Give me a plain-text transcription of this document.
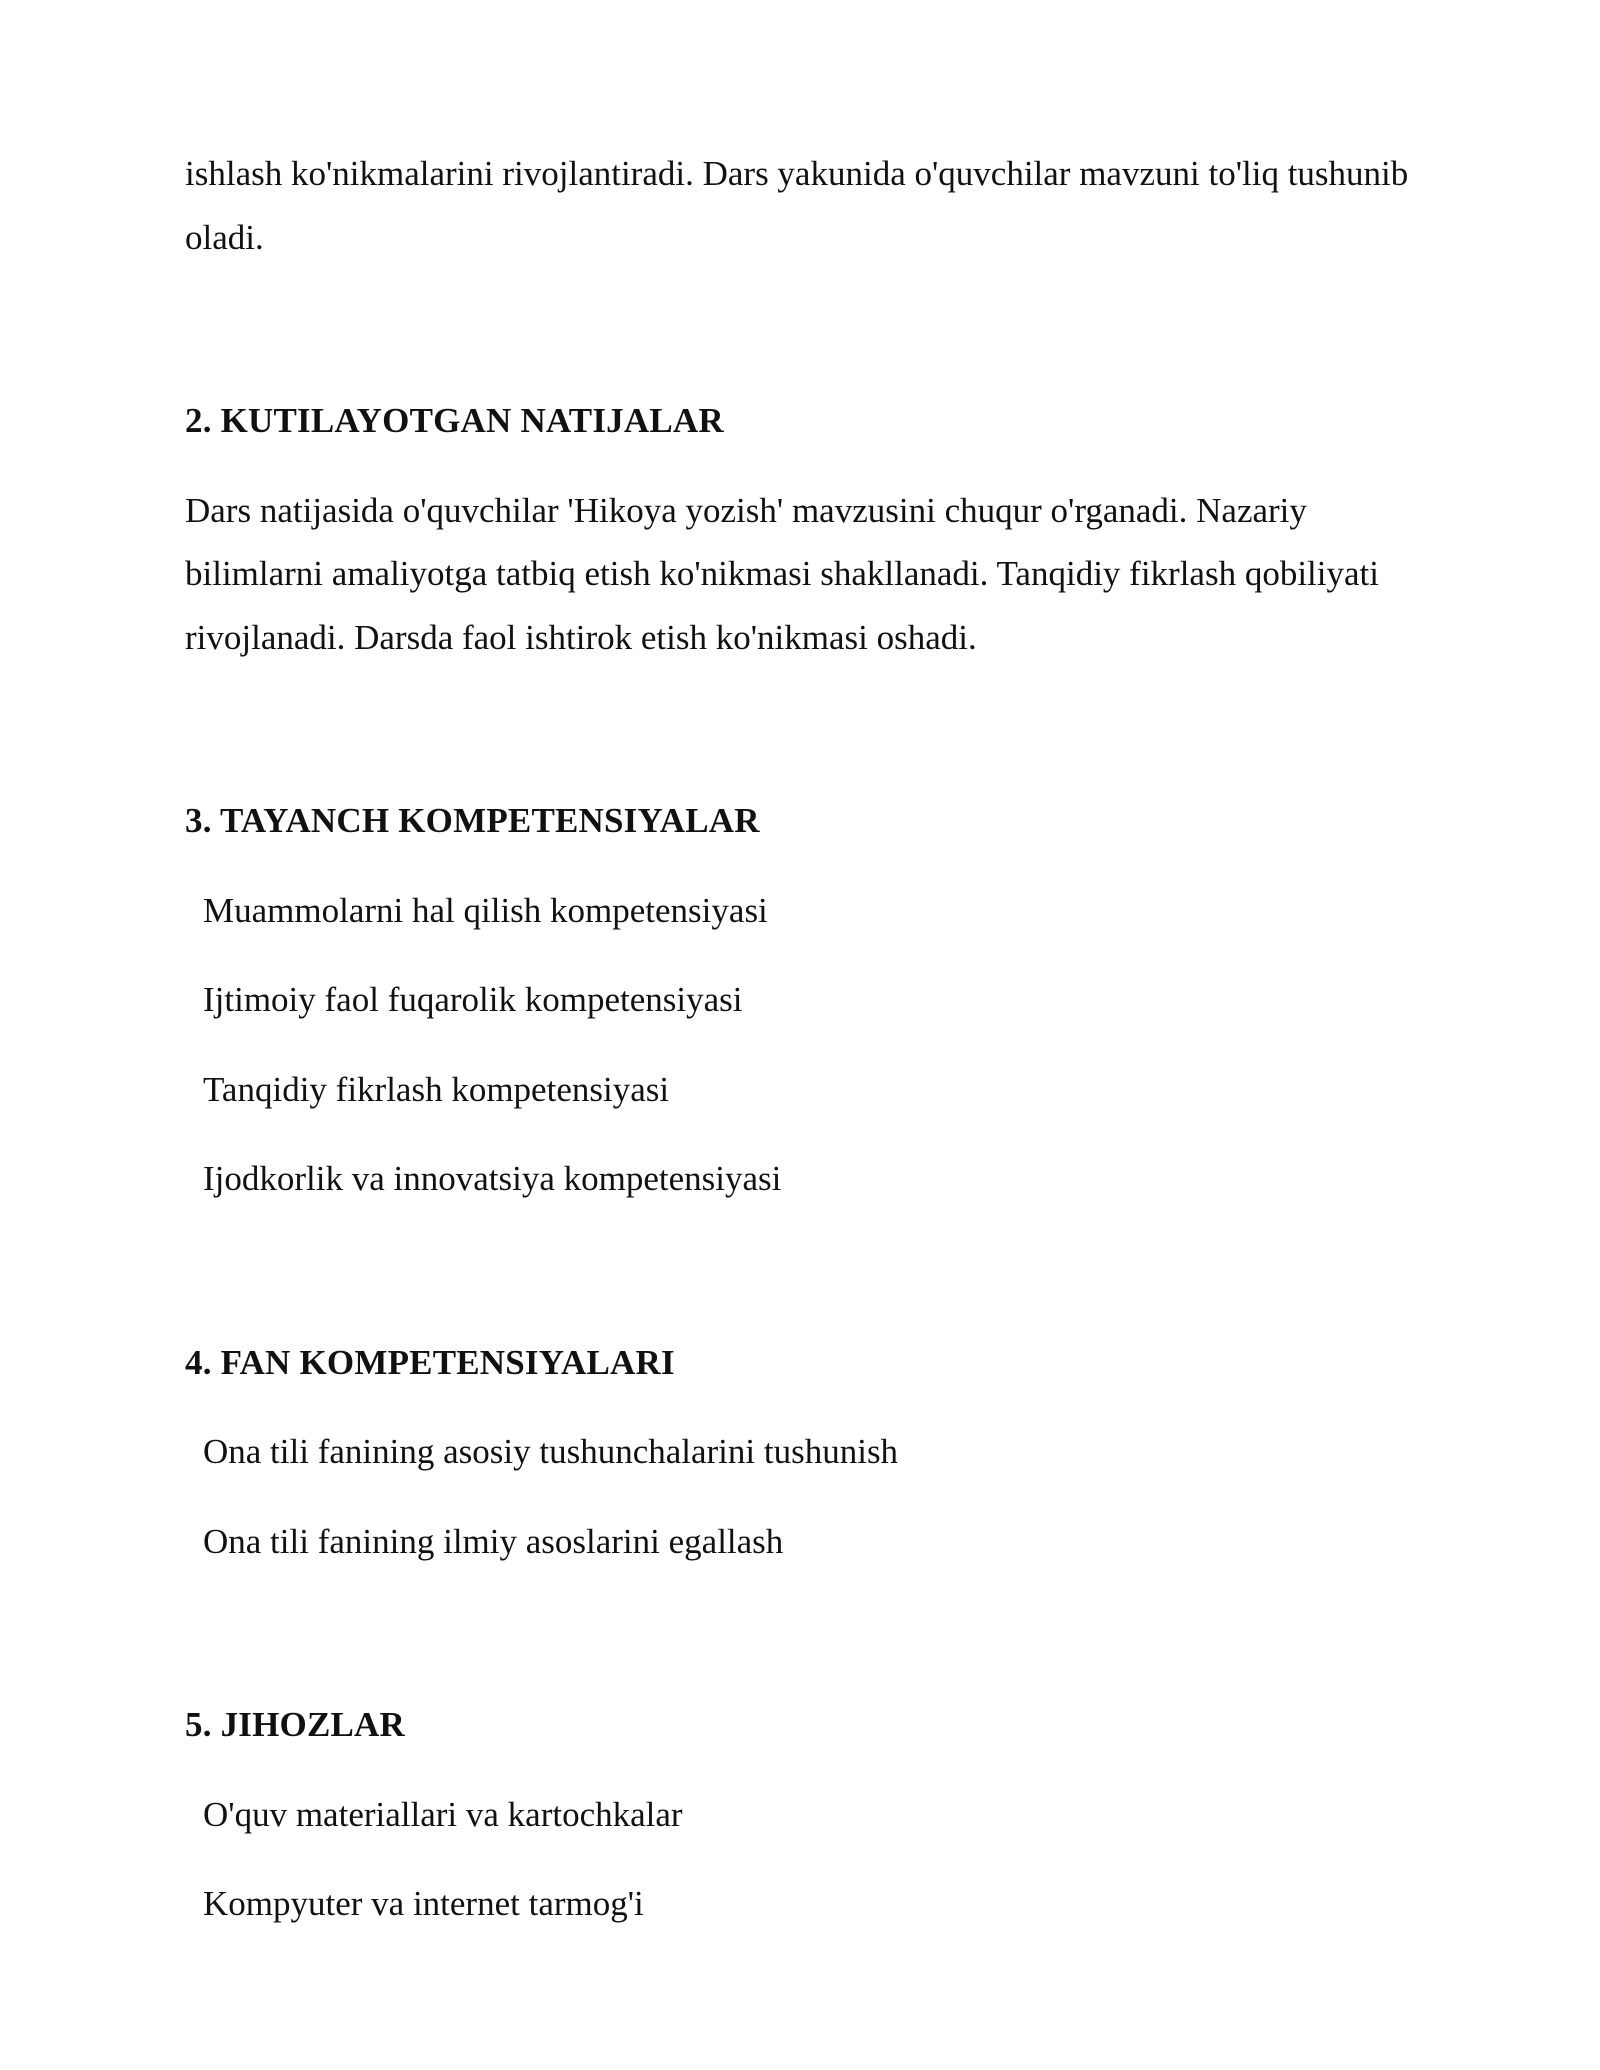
ishlash ko'nikmalarini rivojlantiradi. Dars yakunida o'quvchilar mavzuni to'liq tushunib oladi.

2. KUTILAYOTGAN NATIJALAR

Dars natijasida o'quvchilar 'Hikoya yozish' mavzusini chuqur o'rganadi. Nazariy bilimlarni amaliyotga tatbiq etish ko'nikmasi shakllanadi. Tanqidiy fikrlash qobiliyati rivojlanadi. Darsda faol ishtirok etish ko'nikmasi oshadi.

3. TAYANCH KOMPETENSIYALAR
Muammolarni hal qilish kompetensiyasi
Ijtimoiy faol fuqarolik kompetensiyasi
Tanqidiy fikrlash kompetensiyasi
Ijodkorlik va innovatsiya kompetensiyasi
4. FAN KOMPETENSIYALARI
Ona tili fanining asosiy tushunchalarini tushunish
Ona tili fanining ilmiy asoslarini egallash
5. JIHOZLAR
O'quv materiallari va kartochkalar
Kompyuter va internet tarmog'i
